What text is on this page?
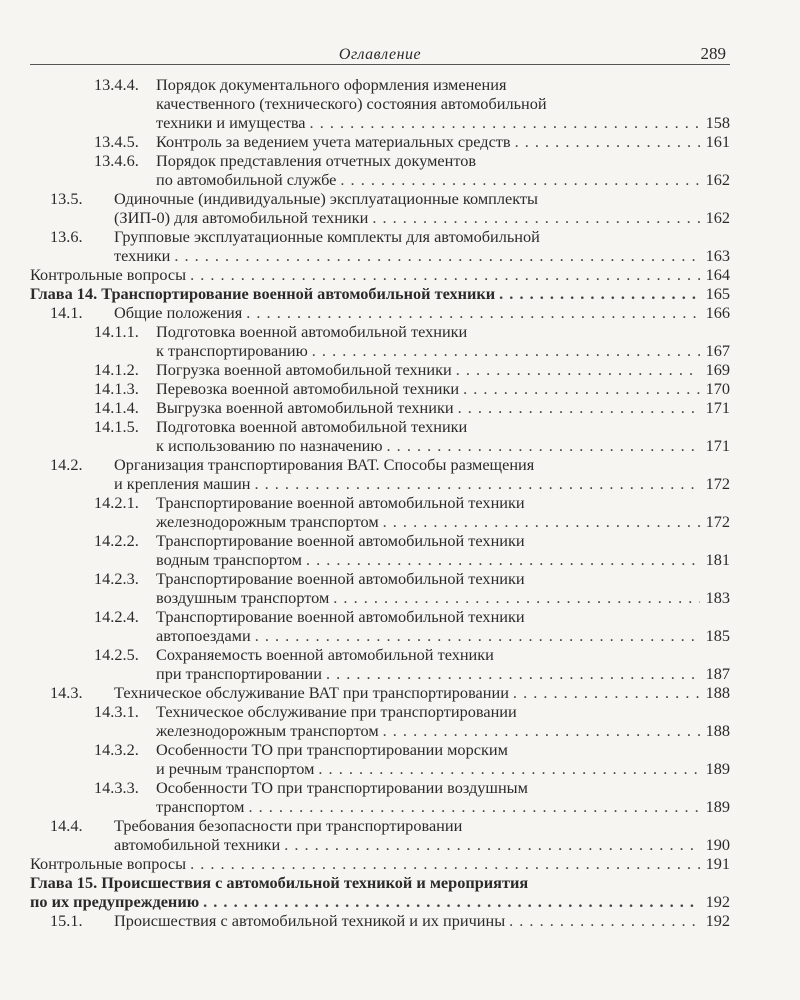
Оглавление	289
13.4.4.	Порядок документального оформления изменения
качественного (технического) состояния автомобильной
техники и имущества . . .	158
13.4.5.	Контроль за ведением учета материальных средств . . .	161
13.4.6.	Порядок представления отчетных документов
по автомобильной службе . . .	162
13.5.	Одиночные (индивидуальные) эксплуатационные комплекты
(ЗИП-0) для автомобильной техники . . .	162
13.6.	Групповые эксплуатационные комплекты для автомобильной
техники . . .	163
Контрольные вопросы . . .	164
Глава 14. Транспортирование военной автомобильной техники . . .	165
14.1.	Общие положения . . .	166
14.1.1.	Подготовка военной автомобильной техники
к транспортированию . . .	167
14.1.2.	Погрузка военной автомобильной техники . . .	169
14.1.3.	Перевозка военной автомобильной техники . . .	170
14.1.4.	Выгрузка военной автомобильной техники . . .	171
14.1.5.	Подготовка военной автомобильной техники
к использованию по назначению . . .	171
14.2.	Организация транспортирования ВАТ. Способы размещения
и крепления машин . . .	172
14.2.1.	Транспортирование военной автомобильной техники
железнодорожным транспортом . . .	172
14.2.2.	Транспортирование военной автомобильной техники
водным транспортом . . .	181
14.2.3.	Транспортирование военной автомобильной техники
воздушным транспортом . . .	183
14.2.4.	Транспортирование военной автомобильной техники
автопоездами . . .	185
14.2.5.	Сохраняемость военной автомобильной техники
при транспортировании . . .	187
14.3.	Техническое обслуживание ВАТ при транспортировании . . .	188
14.3.1.	Техническое обслуживание при транспортировании
железнодорожным транспортом . . .	188
14.3.2.	Особенности ТО при транспортировании морским
и речным транспортом . . .	189
14.3.3.	Особенности ТО при транспортировании воздушным
транспортом . . .	189
14.4.	Требования безопасности при транспортировании
автомобильной техники . . .	190
Контрольные вопросы . . .	191
Глава 15. Происшествия с автомобильной техникой и мероприятия
по их предупреждению . . .	192
15.1.	Происшествия с автомобильной техникой и их причины . . .	192
